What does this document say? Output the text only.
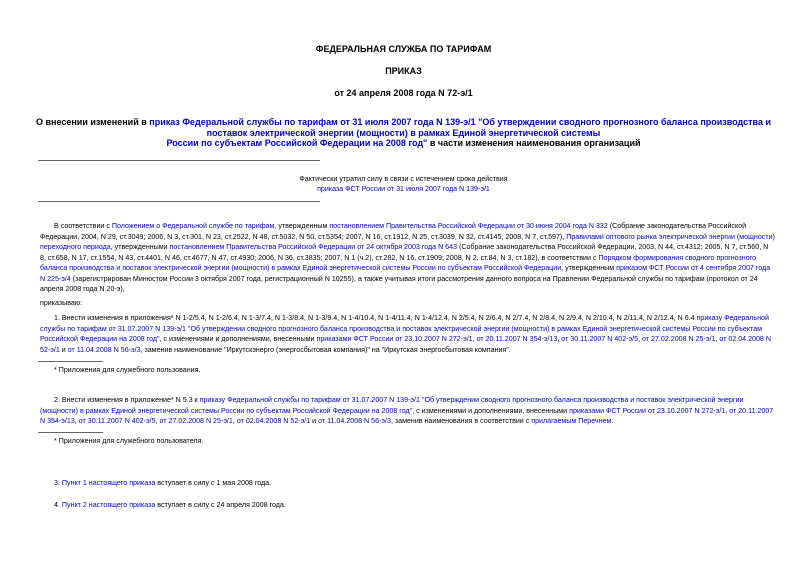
ФЕДЕРАЛЬНАЯ СЛУЖБА ПО ТАРИФАМ
ПРИКАЗ
от 24 апреля 2008 года N 72-э/1
О внесении изменений в приказ Федеральной службы по тарифам от 31 июля 2007 года N 139-э/1 "Об утверждении сводного прогнозного баланса производства и
поставок электрической энергии (мощности) в рамках Единой энергетической системы
России по субъектам Российской Федерации на 2008 год" в части изменения наименования организаций
Фактически утратил силу в связи с истечением срока действия
приказа ФСТ России от 31 июля 2007 года N 139-э/1
В соответствии с Положением о Федеральной службе по тарифам, утвержденным постановлением Правительства Российской Федерации от 30 июня 2004 года N 332 (Собрание законодательства Российской Федерации, 2004, N 29, ст.3049; 2006, N 3, ст.301, N 23, ст.2522, N 48, ст.5032, N 50, ст.5354; 2007, N 16, ст.1912, N 25, ст.3039, N 32, ст.4145; 2008, N 7, ст.597), Правилами оптового рынка электрической энергии (мощности) переходного периода, утвержденными постановлением Правительства Российской Федерации от 24 октября 2003 года N 643 (Собрание законодательства Российской Федерации, 2003, N 44, ст.4312; 2005, N 7, ст.560, N 8, ст.658, N 17, ст.1554, N 43, ст.4401, N 46, ст.4677, N 47, ст.4930; 2006, N 36, ст.3835; 2007, N 1 (ч.2), ст.282, N 16, ст.1909; 2008, N 2, ст.84, N 3, ст.182), в соответствии с Порядком формирования сводного прогнозного баланса производства и поставок электрической энергии (мощности) в рамках Единой энергетической системы России по субъектам Российской Федерации, утвержденным приказом ФСТ России от 4 сентября 2007 года N 225-э/4 (зарегистрирован Минюстом России 3 октября 2007 года, регистрационный N 10255), а также учитывая итоги рассмотрения данного вопроса на Правлении Федеральной службы по тарифам (протокол от 24 апреля 2008 года N 20-э),
приказываю:
1. Внести изменения в приложения* N 1-2/5.4, N 1-2/6.4, N 1-3/7.4, N 1-3/8.4, N 1-3/9.4, N 1-4/10.4, N 1-4/11.4, N 1-4/12.4, N 2/5.4, N 2/6.4, N 2/7.4, N 2/8.4, N 2/9.4, N 2/10.4, N 2/11.4, N 2/12.4, N 6.4 приказу Федеральной службы по тарифам от 31.07.2007 N 139-э/1 "Об утверждении сводного прогнозного баланса производства и поставок электрической энергии (мощности) в рамках Единой энергетической системы России по субъектам Российской Федерации на 2008 год", с изменениями и дополнениями, внесенными приказами ФСТ России от 23.10.2007 N 272-э/1, от 20.11.2007 N 354-э/13, от 30.11.2007 N 402-э/5, от 27.02.2008 N 25-э/1, от 02.04.2008 N 52-э/1 и от 11.04.2008 N 56-э/3, заменив наименование "Иркутскэнерго (энергосбытовая компания)" на "Иркутская энергосбытовая компания".
* Приложения для служебного пользования.
2. Внести изменения в приложение* N 5.3 к приказу Федеральной службы по тарифам от 31.07.2007 N 139-э/1 "Об утверждении сводного прогнозного баланса производства и поставок электрической энергии (мощности) в рамках Единой энергетической системы России по субъектам Российской Федерации на 2008 год", с изменениями и дополнениями, внесенными приказами ФСТ России от 23.10.2007 N 272-э/1, от 20.11.2007 N 354-э/13, от 30.11.2007 N 402-э/5, от 27.02.2008 N 25-э/1, от 02.04.2008 N 52-э/1 и от 11.04.2008 N 56-э/3, заменив наименования в соответствии с прилагаемым Перечнем.
* Приложения для служебного пользователя.
3. Пункт 1 настоящего приказа вступает в силу с 1 мая 2008 года.
4. Пункт 2 настоящего приказа вступает в силу с 24 апреля 2008 года.
